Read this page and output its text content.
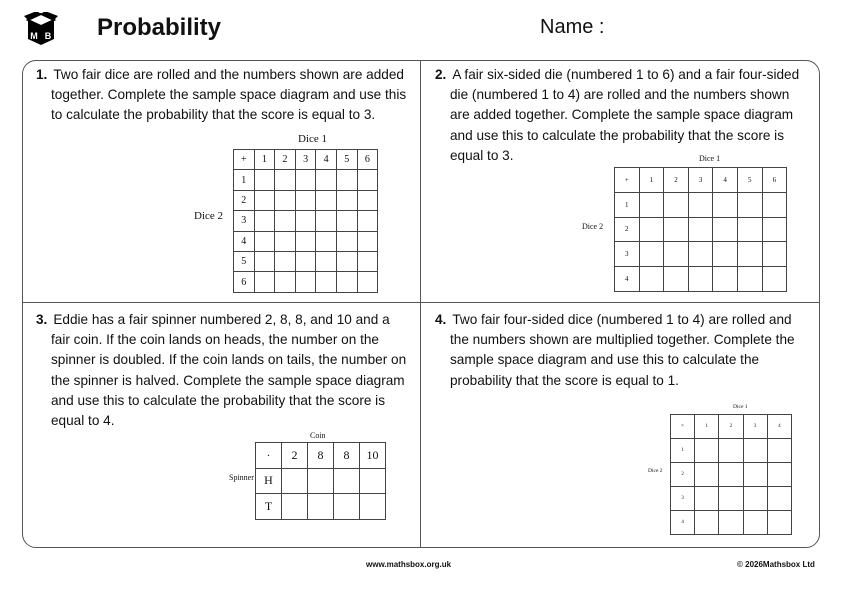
M B Probability	Name :
1. Two fair dice are rolled and the numbers shown are added
together. Complete the sample space diagram and use this
to calculate the probability that the score is equal to 3.
Dice 1
Dice 2
+	1	2	3	4	5	6
1						
2						
3						
4						
5						
6						
2. A fair six-sided die (numbered 1 to 6) and a fair four-sided
die (numbered 1 to 4) are rolled and the numbers shown
are added together. Complete the sample space diagram
and use this to calculate the probability that the score is
equal to 3.	Dice 1
Dice 2
+	1	2	3	4	5	6
1						
2						
3						
4						
3. Eddie has a fair spinner numbered 2, 8, 8, and 10 and a
fair coin. If the coin lands on heads, the number on the
spinner is doubled. If the coin lands on tails, the number on
the spinner is halved. Complete the sample space diagram
and use this to calculate the probability that the score is
equal to 4.
Coin
Spinner
·	2	8	8	10
H				
T				
4. Two fair four-sided dice (numbered 1 to 4) are rolled and
the numbers shown are multiplied together. Complete the
sample space diagram and use this to calculate the
probability that the score is equal to 1.
Dice 1
Dice 2
×	1	2	3	4
1				
2				
3				
4				
www.mathsbox.org.uk	© 2026Mathsbox Ltd
